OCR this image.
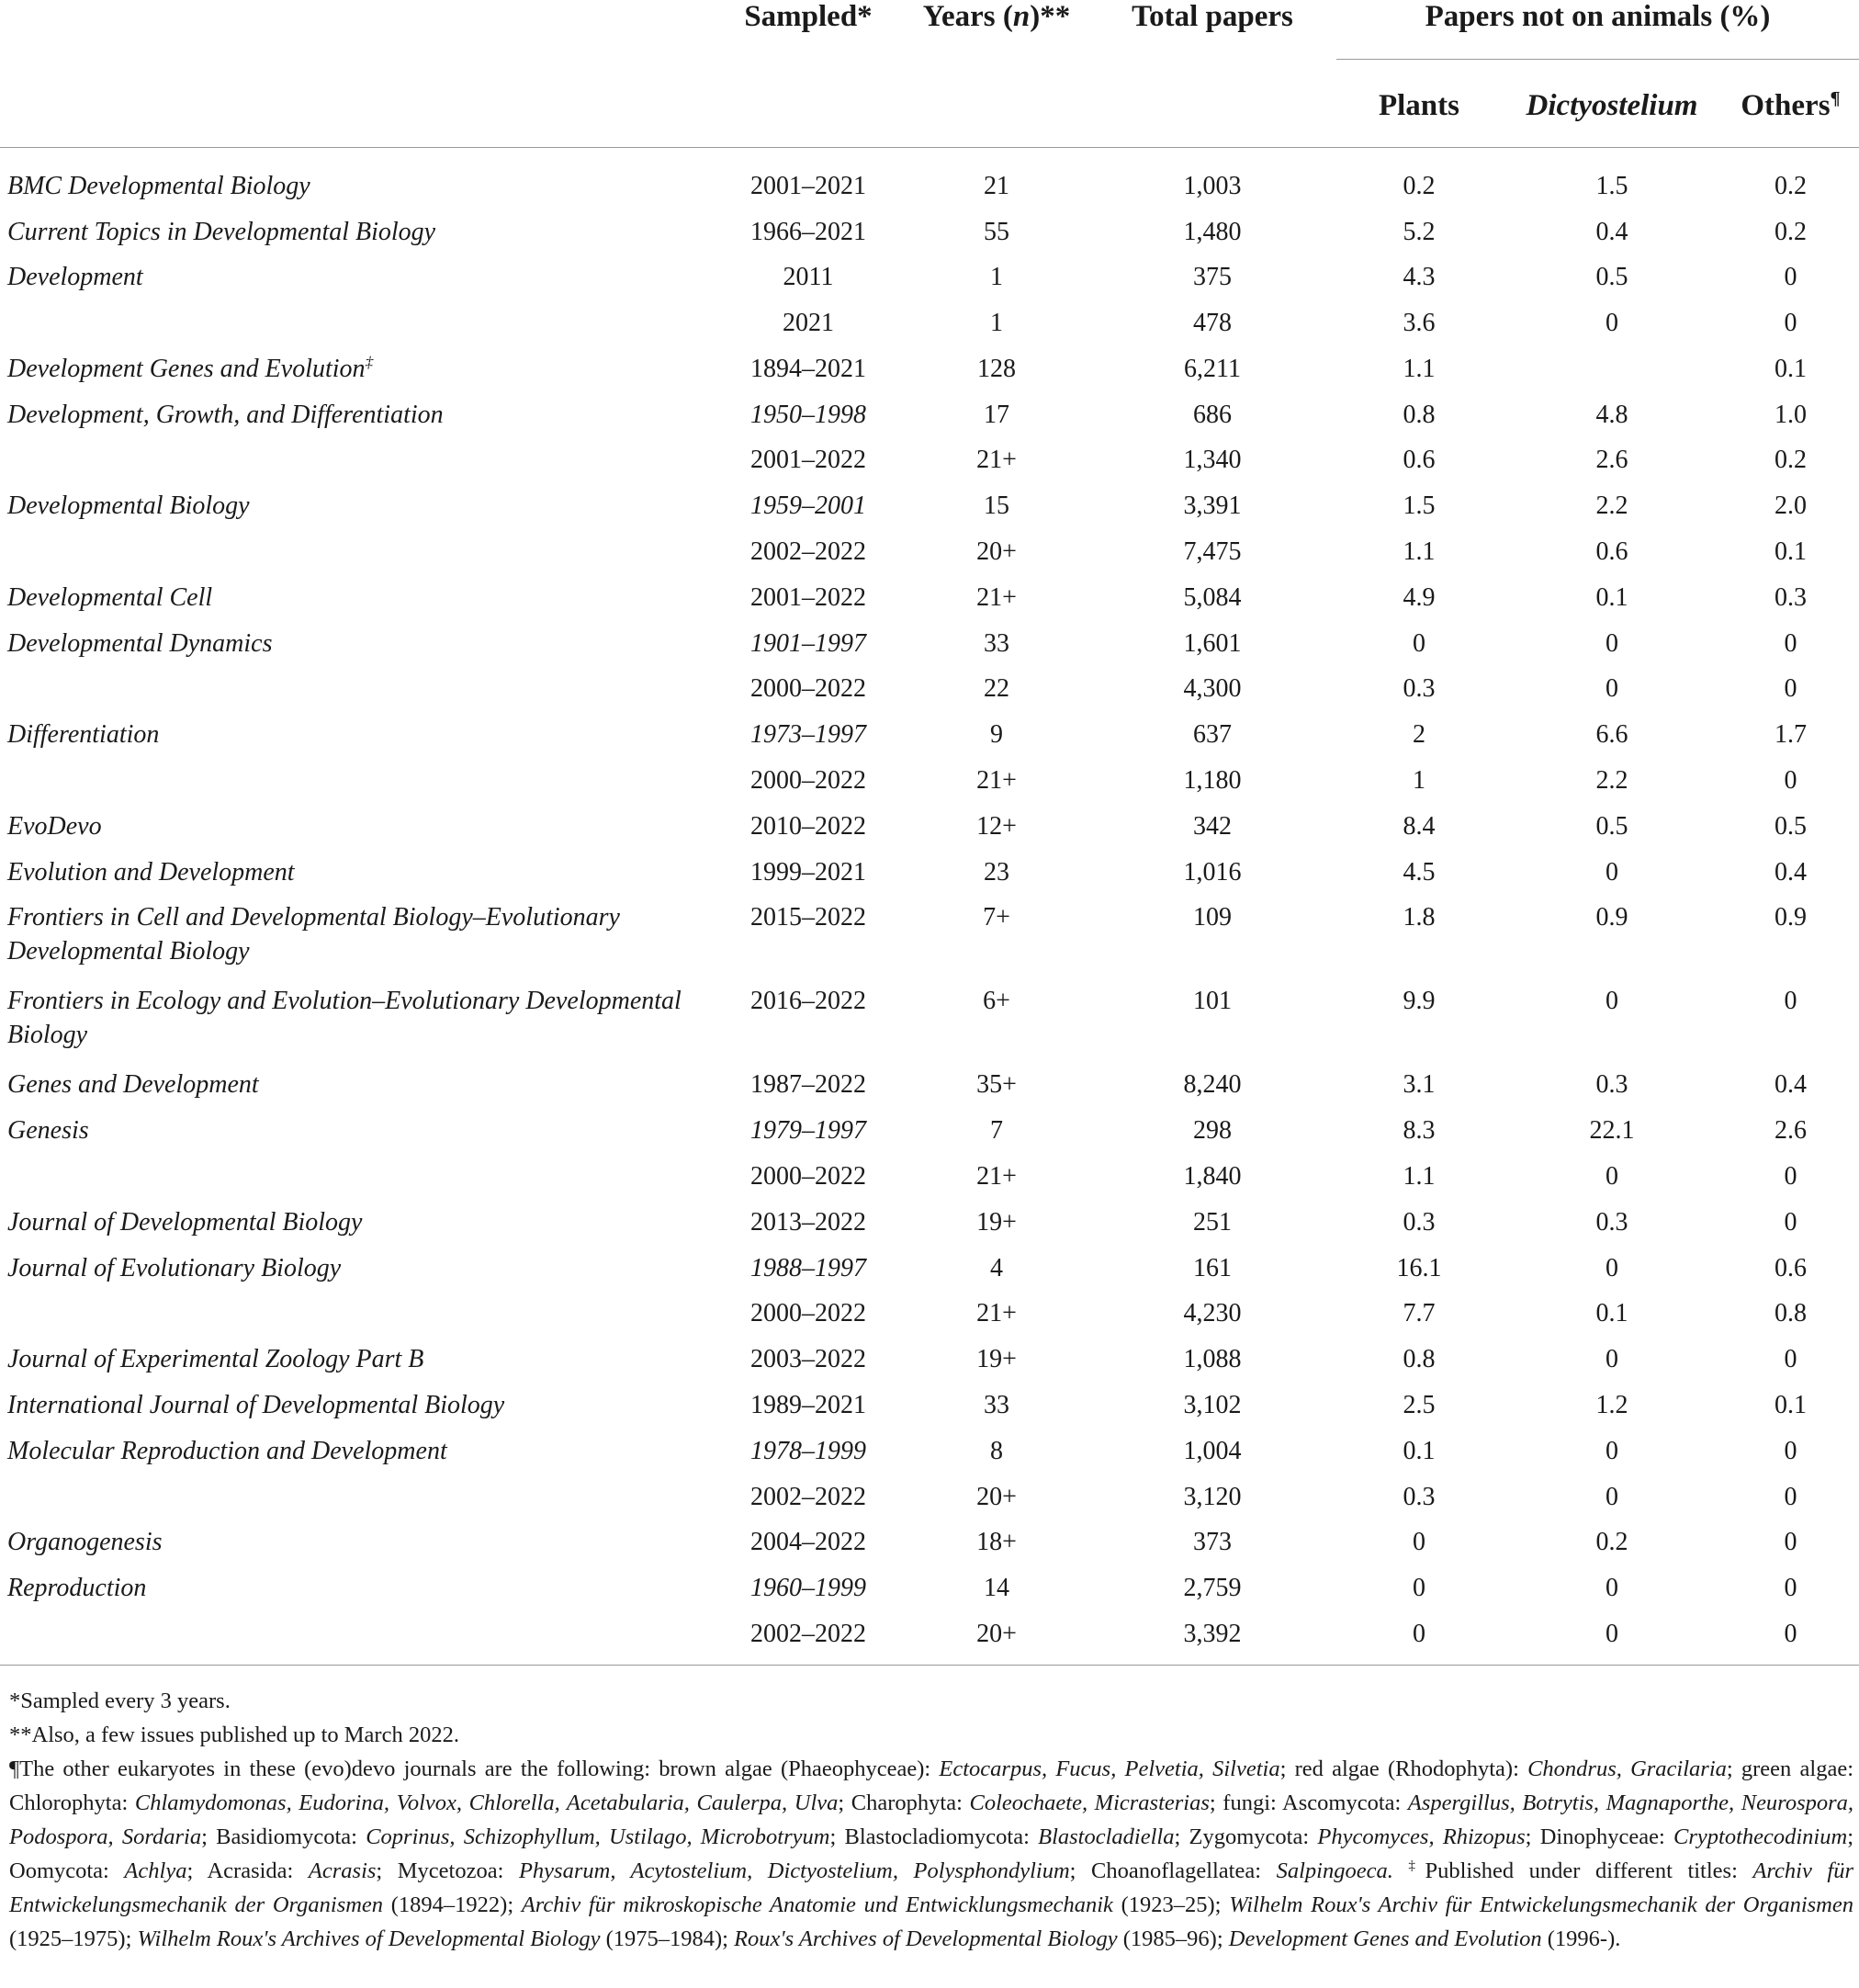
	Sampled*	Years (n)**	Total papers	Papers not on animals (%)		
				Plants	Dictyostelium	Others¶
BMC Developmental Biology	2001–2021	21	1,003	0.2	1.5	0.2
Current Topics in Developmental Biology	1966–2021	55	1,480	5.2	0.4	0.2
Development	2011	1	375	4.3	0.5	0
	2021	1	478	3.6	0	0
Development Genes and Evolution‡	1894–2021	128	6,211	1.1		0.1
Development, Growth, and Differentiation	1950–1998	17	686	0.8	4.8	1.0
	2001–2022	21+	1,340	0.6	2.6	0.2
Developmental Biology	1959–2001	15	3,391	1.5	2.2	2.0
	2002–2022	20+	7,475	1.1	0.6	0.1
Developmental Cell	2001–2022	21+	5,084	4.9	0.1	0.3
Developmental Dynamics	1901–1997	33	1,601	0	0	0
	2000–2022	22	4,300	0.3	0	0
Differentiation	1973–1997	9	637	2	6.6	1.7
	2000–2022	21+	1,180	1	2.2	0
EvoDevo	2010–2022	12+	342	8.4	0.5	0.5
Evolution and Development	1999–2021	23	1,016	4.5	0	0.4
Frontiers in Cell and Developmental Biology–Evolutionary Developmental Biology	2015–2022	7+	109	1.8	0.9	0.9
Frontiers in Ecology and Evolution–Evolutionary Developmental Biology	2016–2022	6+	101	9.9	0	0
Genes and Development	1987–2022	35+	8,240	3.1	0.3	0.4
Genesis	1979–1997	7	298	8.3	22.1	2.6
	2000–2022	21+	1,840	1.1	0	0
Journal of Developmental Biology	2013–2022	19+	251	0.3	0.3	0
Journal of Evolutionary Biology	1988–1997	4	161	16.1	0	0.6
	2000–2022	21+	4,230	7.7	0.1	0.8
Journal of Experimental Zoology Part B	2003–2022	19+	1,088	0.8	0	0
International Journal of Developmental Biology	1989–2021	33	3,102	2.5	1.2	0.1
Molecular Reproduction and Development	1978–1999	8	1,004	0.1	0	0
	2002–2022	20+	3,120	0.3	0	0
Organogenesis	2004–2022	18+	373	0	0.2	0
Reproduction	1960–1999	14	2,759	0	0	0
	2002–2022	20+	3,392	0	0	0

*Sampled every 3 years.

**Also, a few issues published up to March 2022.

¶The other eukaryotes in these (evo)devo journals are the following: brown algae (Phaeophyceae): Ectocarpus, Fucus, Pelvetia, Silvetia; red algae (Rhodophyta): Chondrus, Gracilaria; green algae: Chlorophyta: Chlamydomonas, Eudorina, Volvox, Chlorella, Acetabularia, Caulerpa, Ulva; Charophyta: Coleochaete, Micrasterias; fungi: Ascomycota: Aspergillus, Botrytis, Magnaporthe, Neurospora, Podospora, Sordaria; Basidiomycota: Coprinus, Schizophyllum, Ustilago, Microbotryum; Blastocladiomycota: Blastocladiella; Zygomycota: Phycomyces, Rhizopus; Dinophyceae: Cryptothecodinium; Oomycota: Achlya; Acrasida: Acrasis; Mycetozoa: Physarum, Acytostelium, Dictyostelium, Polysphondylium; Choanoflagellatea: Salpingoeca. ‡Published under different titles: Archiv für Entwickelungsmechanik der Organismen (1894–1922); Archiv für mikroskopische Anatomie und Entwicklungsmechanik (1923–25); Wilhelm Roux's Archiv für Entwickelungsmechanik der Organismen (1925–1975); Wilhelm Roux's Archives of Developmental Biology (1975–1984); Roux's Archives of Developmental Biology (1985–96); Development Genes and Evolution (1996-).
